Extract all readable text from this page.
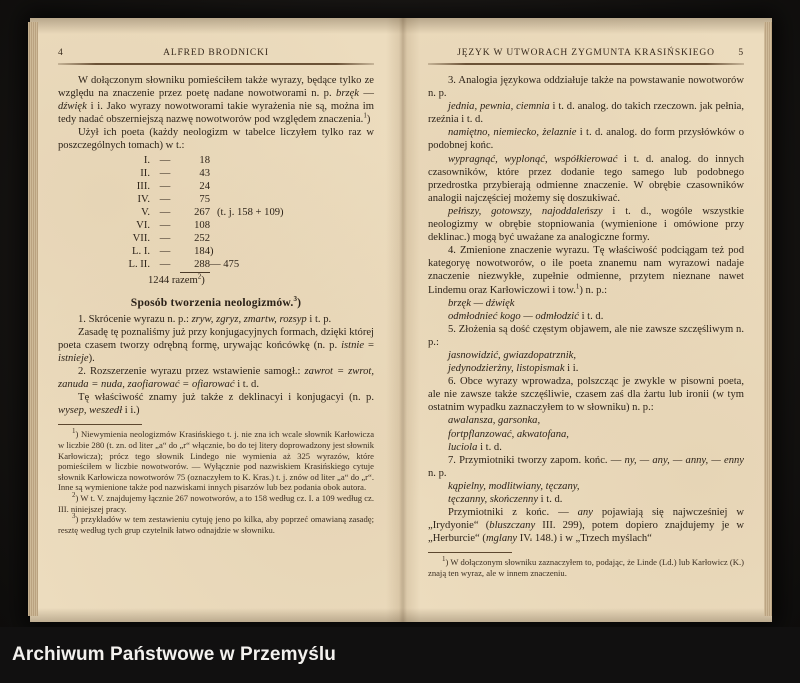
4	ALFRED BRODNICKI

W dołączonym słowniku pomieściłem także wyrazy, będące tylko ze względu na znaczenie przez poetę nadane nowotworami n. p. brzęk — dźwięk i i. Jako wyrazy nowotworami takie wyrażenia nie są, można im tedy nadać obszerniejszą nazwę nowotworów pod względem znaczenia.$^1$)

Użył ich poeta (każdy neologizm w tabelce liczyłem tylko raz w poszczególnych tomach) w t.:

I.	—	18	
II.	—	43	
III.	—	24	
IV.	—	75	
V.	—	267	(t. j. 158 + 109)
VI.	—	108	
VII.	—	252	
L. I.	—	184	)
L. II.	—	288	— 475
1244 razem$^2$)
Sposób tworzenia neologizmów.$^3$)

1. Skrócenie wyrazu n. p.: zryw, zgryz, zmartw, rozsyp i t. p.

Zasadę tę poznaliśmy już przy konjugacyjnych formach, dzięki której poeta czasem tworzy odrębną formę, urywając końcówkę (n. p. istnie = istnieje).

2. Rozszerzenie wyrazu przez wstawienie samogł.: zawrot = zwrot, zanuda = nuda, zaofiarować = ofiarować i t. d.

Tę właściwość znamy już także z deklinacyi i konjugacyi (n. p. wysep, weszedł i i.)

$^1$) Niewymienia neologizmów Krasińskiego t. j. nie zna ich wcale słownik Karłowicza w liczbie 280 (t. zn. od liter „a“ do „r“ włącznie, bo do tej litery doprowadzony jest słownik Karłowicza); prócz tego słownik Lindego nie wymienia aż 325 wyrazów, które pomieściłem w liczbie nowotworów. — Wyłącznie pod nazwiskiem Krasińskiego cytuje słownik Karłowicza nowotworów 75 (oznaczyłem to K. Kras.) t. j. znów od liter „a“ do „r“. Inne są wymienione także pod nazwiskami innych pisarzów lub bez podania obok autora.

$^2$) W t. V. znajdujemy łącznie 267 nowotworów, a to 158 według cz. I. a 109 według cz. III. niniejszej pracy.

$^3$) przykładów w tem zestawieniu cytuję jeno po kilka, aby poprzeć omawianą zasadę; resztę według tych grup czytelnik łatwo odnajdzie w słowniku.

JĘZYK W UTWORACH ZYGMUNTA KRASIŃSKIEGO	5

3. Analogia językowa oddziałuje także na powstawanie nowotworów n. p.

jednia, pewnia, ciemnia i t. d. analog. do takich rzeczown. jak pełnia, rzeźnia i t. d.

namiętno, niemiecko, żelaznie i t. d. analog. do form przysłówków o podobnej końc.

wypragnąć, wyplonąć, współkierować i t. d. analog. do innych czasowników, które przez dodanie tego samego lub podobnego przedrostka przybierają odmienne znaczenie. W obrębie czasowników analogii najczęściej możemy się doszukiwać.

pełńszy, gotowszy, najoddaleńszy i t. d., wogóle wszystkie neologizmy w obrębie stopniowania (wymienione i omówione przy deklinac.) mogą być uważane za analogiczne formy.

4. Zmienione znaczenie wyrazu. Tę właściwość podciągam też pod kategoryę nowotworów, o ile poeta znanemu nam wyrazowi nadaje znaczenie niezwykłe, zupełnie odmienne, przytem nieznane nawet Lindemu oraz Karłowiczowi i tow.$^1$) n. p.:

brzęk — dźwięk

odmłodnieć kogo — odmłodzić i t. d.

5. Złożenia są dość częstym objawem, ale nie zawsze szczęśliwym n. p.:

jasnowidzić, gwiazdopatrznik,

jedynodzierżny, listopismak i i.

6. Obce wyrazy wprowadza, polszcząc je zwykle w pisowni poeta, ale nie zawsze także szczęśliwie, czasem zaś dla żartu lub ironii (w tym ostatnim wypadku zaznaczyłem to w słowniku) n. p.:

awalansza, garsonka,

fortpflanzować, akwatofana,

luciola i t. d.

7. Przymiotniki tworzy zapom. końc. — ny, — any, — anny, — enny n. p.

kąpielny, modlitwiany, tęczany,

tęczanny, skończenny i t. d.

Przymiotniki z końc. — any pojawiają się najwcześniej w „Irydyonie“ (bluszczany III. 299), potem dopiero znajdujemy je w „Herburcie“ (mglany IV. 148.) i w „Trzech myślach“

$^1$) W dołączonym słowniku zaznaczyłem to, podając, że Linde (Ld.) lub Karłowicz (K.) znają ten wyraz, ale w innem znaczeniu.

Archiwum Państwowe w Przemyślu
